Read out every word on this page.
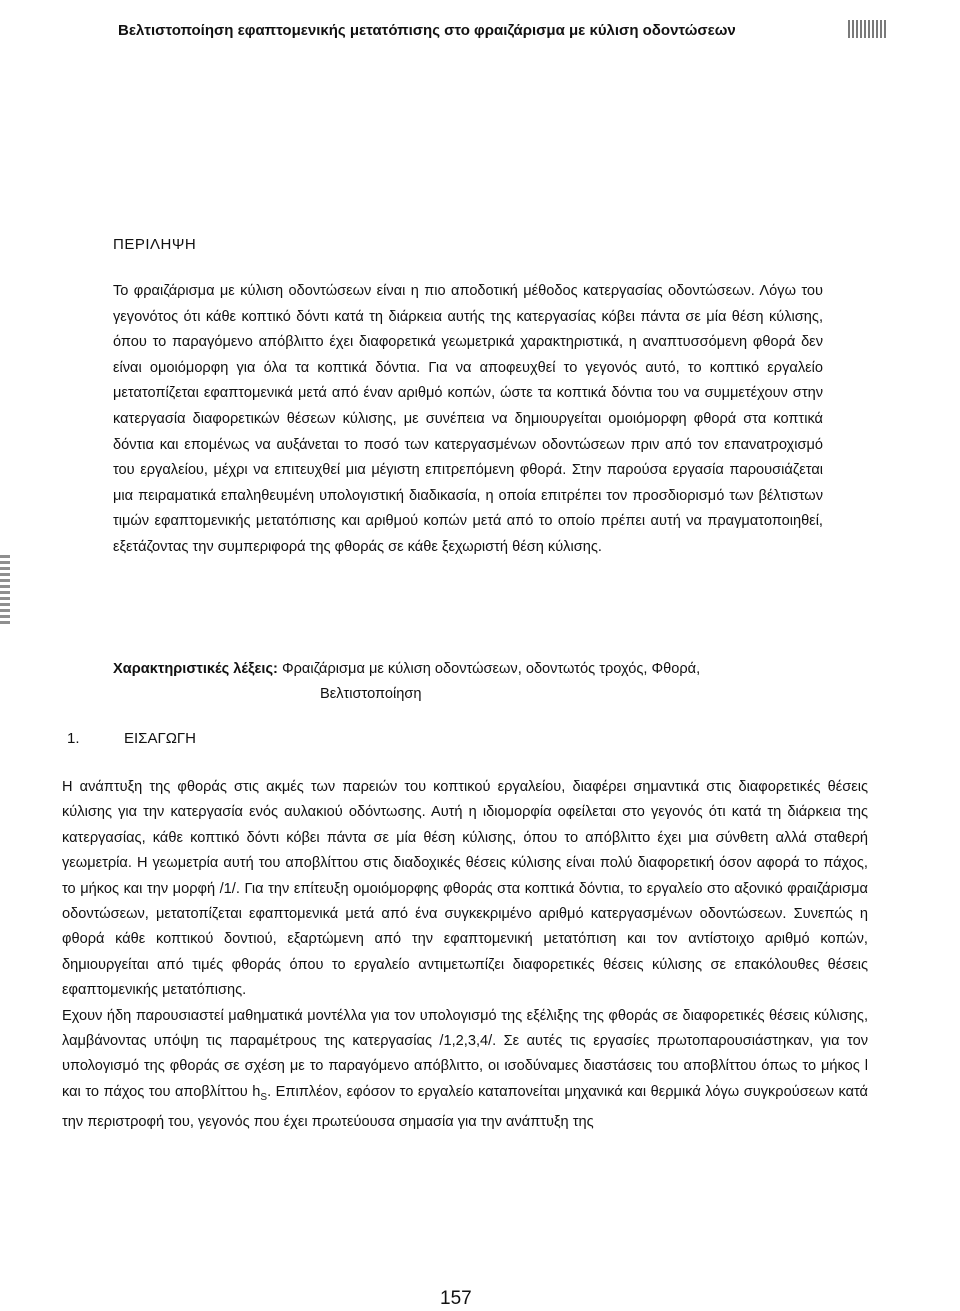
Βελτιστοποίηση εφαπτομενικής μετατόπισης στο φραιζάρισμα με κύλιση οδοντώσεων
ΠΕΡΙΛΗΨΗ

Το φραιζάρισμα με κύλιση οδοντώσεων είναι η πιο αποδοτική μέθοδος κατεργασίας οδοντώσεων. Λόγω του γεγονότος ότι κάθε κοπτικό δόντι κατά τη διάρκεια αυτής της κατεργασίας κόβει πάντα σε μία θέση κύλισης, όπου το παραγόμενο απόβλιττο έχει διαφορετικά γεωμετρικά χαρακτηριστικά, η αναπτυσσόμενη φθορά δεν είναι ομοιόμορφη για όλα τα κοπτικά δόντια. Για να αποφευχθεί το γεγονός αυτό, το κοπτικό εργαλείο μετατοπίζεται εφαπτομενικά μετά από έναν αριθμό κοπών, ώστε τα κοπτικά δόντια του να συμμετέχουν στην κατεργασία διαφορετικών θέσεων κύλισης, με συνέπεια να δημιουργείται ομοιόμορφη φθορά στα κοπτικά δόντια και επομένως να αυξάνεται το ποσό των κατεργασμένων οδοντώσεων πριν από τον επανατροχισμό του εργαλείου, μέχρι να επιτευχθεί μια μέγιστη επιτρεπόμενη φθορά. Στην παρούσα εργασία παρουσιάζεται μια πειραματικά επαληθευμένη υπολογιστική διαδικασία, η οποία επιτρέπει τον προσδιορισμό των βέλτιστων τιμών εφαπτομενικής μετατόπισης και αριθμού κοπών μετά από το οποίο πρέπει αυτή να πραγματοποιηθεί, εξετάζοντας την συμπεριφορά της φθοράς σε κάθε ξεχωριστή θέση κύλισης.

Χαρακτηριστικές λέξεις: Φραιζάρισμα με κύλιση οδοντώσεων, οδοντωτός τροχός, Φθορά,
Βελτιστοποίηση
1.	ΕΙΣΑΓΩΓΗ

Η ανάπτυξη της φθοράς στις ακμές των παρειών του κοπτικού εργαλείου, διαφέρει σημαντικά στις διαφορετικές θέσεις κύλισης για την κατεργασία ενός αυλακιού οδόντωσης. Αυτή η ιδιομορφία οφείλεται στο γεγονός ότι κατά τη διάρκεια της κατεργασίας, κάθε κοπτικό δόντι κόβει πάντα σε μία θέση κύλισης, όπου το απόβλιττο έχει μια σύνθετη αλλά σταθερή γεωμετρία. Η γεωμετρία αυτή του αποβλίττου στις διαδοχικές θέσεις κύλισης είναι πολύ διαφορετική όσον αφορά το πάχος, το μήκος και την μορφή /1/. Για την επίτευξη ομοιόμορφης φθοράς στα κοπτικά δόντια, το εργαλείο στο αξονικό φραιζάρισμα οδοντώσεων, μετατοπίζεται εφαπτομενικά μετά από ένα συγκεκριμένο αριθμό κατεργασμένων οδοντώσεων. Συνεπώς η φθορά κάθε κοπτικού δοντιού, εξαρτώμενη από την εφαπτομενική μετατόπιση και τον αντίστοιχο αριθμό κοπών, δημιουργείται από τιμές φθοράς όπου το εργαλείο αντιμετωπίζει διαφορετικές θέσεις κύλισης σε επακόλουθες θέσεις εφαπτομενικής μετατόπισης.

Εχουν ήδη παρουσιαστεί μαθηματικά μοντέλλα για τον υπολογισμό της εξέλιξης της φθοράς σε διαφορετικές θέσεις κύλισης, λαμβάνοντας υπόψη τις παραμέτρους της κατεργασίας /1,2,3,4/. Σε αυτές τις εργασίες πρωτοπαρουσιάστηκαν, για τον υπολογισμό της φθοράς σε σχέση με το παραγόμενο απόβλιττο, οι ισοδύναμες διαστάσεις του αποβλίττου όπως το μήκος l και το πάχος του αποβλίττου $h_S$. Επιπλέον, εφόσον το εργαλείο καταπονείται μηχανικά και θερμικά λόγω συγκρούσεων κατά την περιστροφή του, γεγονός που έχει πρωτεύουσα σημασία για την ανάπτυξη της

157
